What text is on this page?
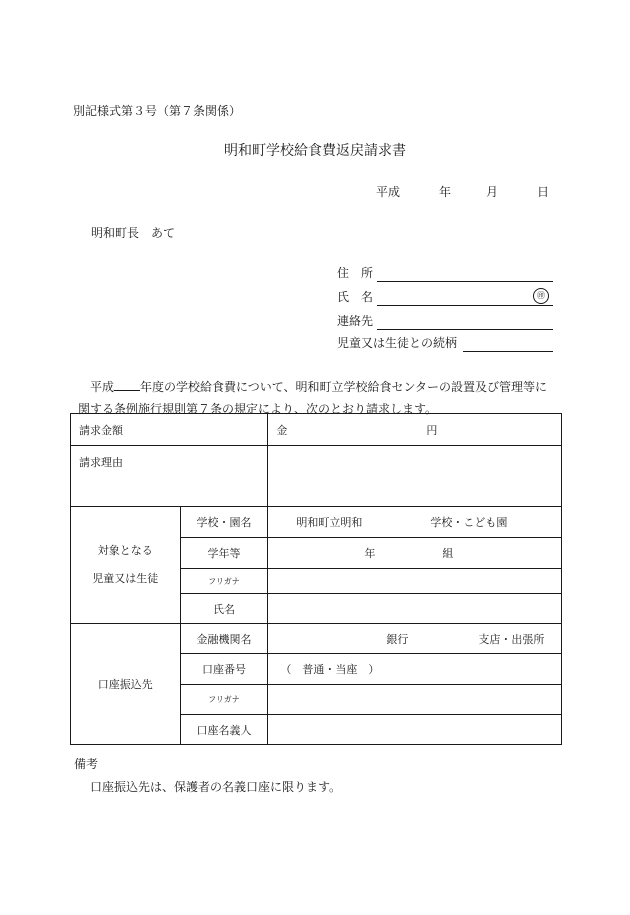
別記様式第３号（第７条関係）
明和町学校給食費返戻請求書
平成	年	月	日
明和町長　あて
住　所
氏　名	㊞
連絡先
児童又は生徒との続柄
平成 年度の学校給食費について、明和町立学校給食センターの設置及び管理等に
関する条例施行規則第７条の規定により、次のとおり請求します。
請求金額		金 円
請求理由		
対象となる
児童又は生徒	学校・園名	明和町立明和 学校・こども園
	学年等	年 組
	フリガナ	
	氏名	
口座振込先	金融機関名	銀行 支店・出張所
	口座番号	（　普通・当座　）
	フリガナ	
	口座名義人	
備考
口座振込先は、保護者の名義口座に限ります。
